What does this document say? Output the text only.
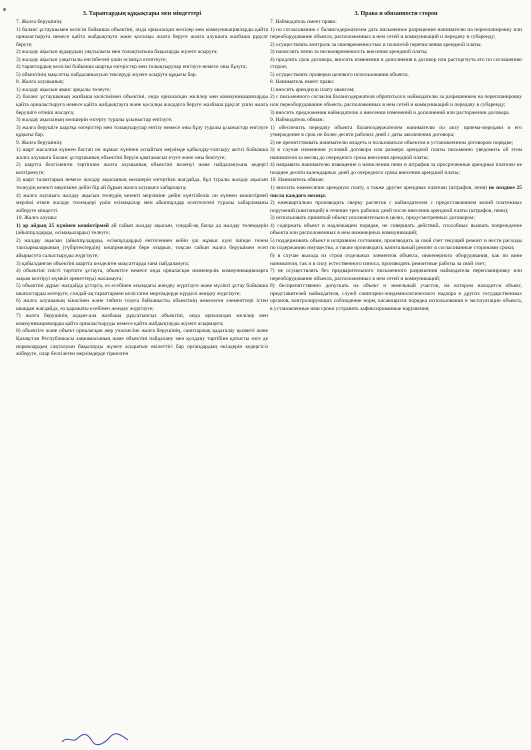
3. Тараптардың құқықтары мен міндеттері

7. Жалға берушінің:

1) баланс ұстаушымен келісім бойынша объектіні, онда орналасқан желілер мен коммуникацияларды қайта орналастыруға немесе қайта жабдықтауға және қосалқы жалға беруге жалға алушыға жазбаша рұқсат беруге;

2) жалдау ақысын аударудың уақтылығы мен толықтығына бақылауды жүзеге асыруға;

3) жалдау ақысын уақытылы енгізбегені үшін өсімпұл есептеуге;

4) тараптардың келісімі бойынша шартқа өзгерістер мен толықтырулар енгізуге немесе оны бұзуға;

5) объектінің мақсатты пайдаланылуын тексеруді жүзеге асыруға құқығы бар.

8. Жалға алушының:

1) жалдау ақысын аванс арқылы төлеуге;

2) баланс ұстаушының жазбаша келісімімен объектіні, онда орналасқан желілер мен коммуникацияларды қайта орналастыруға немесе қайта жабдықтауға және қосалқы жалдауға беруге жазбаша рұқсат үшін жалға берушіге өтініш жасауға;

3) жалдау ақысының мөлшерін өзгерту туралы ұсыныстар енгізуге;

3) жалға берушіге шартқа өзгерістер мен толықтырулар енгізу немесе оны бұзу туралы ұсыныстар енгізуге құқығы бар.

9. Жалға берушінің:

1) шарт жасалған күннен бастап он жұмыс күнінен аспайтын мерзімде қабылдау-тапсыру актісі бойынша жалға алушыға баланс ұстаушының объектіні беруін қамтамасыз етуге және оны бекітуге;

2) шартта белгіленген тәртіппен жалға алушының объектіні иеленуі және пайдалануына кедергі келтірмеуге;

3) шарт талаптарын немесе жалдау ақысының мөлшерін өзгертken жағдайда, бұл туралы жалдау ақысын төлеудің кезекті мерзіміне дейін бір ай бұрын жалға алушыға хабарлауға;

4) жалға алушыға жалдау ақысын төлеудің кезекті мерзіміне дейін күнтізбелік он күннен кешіктірмей мерзімі өткен жалдау төлемдері үшін өсімақылар мен айыппұлдар есептелгені туралы хабарламаны жіберуге міндетті.

10. Жалға алушы:

1) әр айдың 25 күнінен кешіктірмей ай сайын жалдау ақысын, сондай-ақ басқа да жалдау төлемдерін (айыппұлдарды, өсімақыларды) төлеуге;

2) жалдау ақысын (айыппұлдарды, өсімпұлдарды) енгізгеннен кейін үш жұмыс күні ішінде төлем тапсырмаларының (түбіртектердің) көшірмелерін бере отырып, тоқсан сайын жалға берушімен есеп айырысуға салыстыруды жүргізуге;

3) қабылданған объектіні шартта көзделген мақсаттарда ғана пайдалануға;

4) объектіні тиісті тәртіпте ұстауға, объектіге немесе онда орналасқан инженерлік коммуникацияларға зақым келтіруі мүмкін әрекеттерді жасамауға;

5) объектіні дұрыс жағдайда ұстауға, өз есебінен ағымдағы жөндеу жүргізуге және мүлікті ұстау бойынша шығыстарды көтеруге, сондай-ақ тараптармен келісілген мерзімдерде күрделі жөндеу жүргізуге;

6) жалға алушының кінәсінен және табиғи тозуға байланысты объектінің жекелеген элементтері істен шыққан жағдайда, өз қаражаты есебінен жөндеу жүргізуге;

7) жалға берушінің алдын-ала жазбаша рұқсатынсыз объектіні, онда орналасқан желілер мен коммуникацияларды қайта орналастыруды немесе қайта жабдықтауды жүзеге асырмауға;

8) объектіге және объект орналасқан жер учаскесіне жалға берушінің, санитарлық қадағалау қызметі және Қазақстан Республикасы заңнамасының және объектіні пайдалану мен қолдану тәртібіне қатысты өзге де нормалардың сақталуын бақылауды жүзеге асыратын өкілеттігі бар органдардың өкілдерін кедергісіз жіберуге, олар белгілеген мерзімдерде тіркелген

3. Права и обязанности сторон

7. Наймодатель имеет право:

1) по согласованию с балансодержателем дать письменное разрешение нанимателю на перепланировку или переоборудование объекта, расположенных в нем сетей и коммуникаций и передачу в субаренду;

2) осуществлять контроль за своевременностью и полнотой перечисления арендной платы;

3) начислять пеню за несвоевременность внесения арендной платы;

4) продлить срок договора, вносить изменения и дополнения в договор или расторгнуть его по соглашению сторон;

5) осуществлять проверки целевого использования объекта.

8. Наниматель имеет право:

1) вносить арендную плату авансом;

2) с письменного согласия балансодержателя обратиться к наймодателю за разрешением на перепланировку или переоборудование объекта, расположенных в нем сетей и коммуникаций и передачу в субаренду;

3) вносить предложения наймодателю о внесении изменений и дополнений или расторжении договора.

9. Наймодатель обязан:

1) обеспечить передачу объекта балансодержателем нанимателю по акту приема-передачи и его утверждение в срок не более десяти рабочих дней с даты заключения договора;

2) не препятствовать нанимателю владеть и пользоваться объектом в установленном договором порядке;

3) в случае изменения условий договора или размера арендной платы письменно уведомить об этом нанимателя за месяц до очередного срока внесения арендной платы;

4) направить нанимателю извещение о начислении пени и штрафов за просроченные арендные платежи не позднее десяти календарных дней до очередного срока внесения арендной платы;

10. Наниматель обязан:

1) вносить ежемесячно арендную плату, а также другие арендные платежи (штрафов, пеня) не позднее 25 числа каждого месяца;

2) ежеквартально производить сверку расчетов с наймодателем с предоставлением копий платежных поручений (квитанций) в течение трех рабочих дней после внесения арендной платы (штрафов, пени);

3) использовать принятый объект исключительно в целях, предусмотренных договором;

4) содержать объект в надлежащем порядке, не совершать действий, способных вызвать повреждение объекта или расположенных в нем инженерных коммуникаций;

5) поддерживать объект в исправном состоянии, производить за свой счет текущий ремонт и нести расходы по содержанию имущества, а также производить капитальный ремонт в согласованные сторонами сроки;

6) в случае выхода из строя отдельных элементов объекта, инженерного оборудования, как по вине нанимателя, так и в силу естественного износа, производить ремонтные работы за свой счет;

7) не осуществлять без предварительного письменного разрешения наймодателя перепланировку или переоборудование объекта, расположенных в нем сетей и коммуникаций;

8) беспрепятственно допускать на объект и земельный участок, на котором находится объект, представителей наймодателя, служб санитарно-эпидемиологического надзора и других государственных органов, контролирующих соблюдение норм, касающихся порядка использования и эксплуатации объекта, в установленные ими сроки устранять зафиксированные нарушения;
